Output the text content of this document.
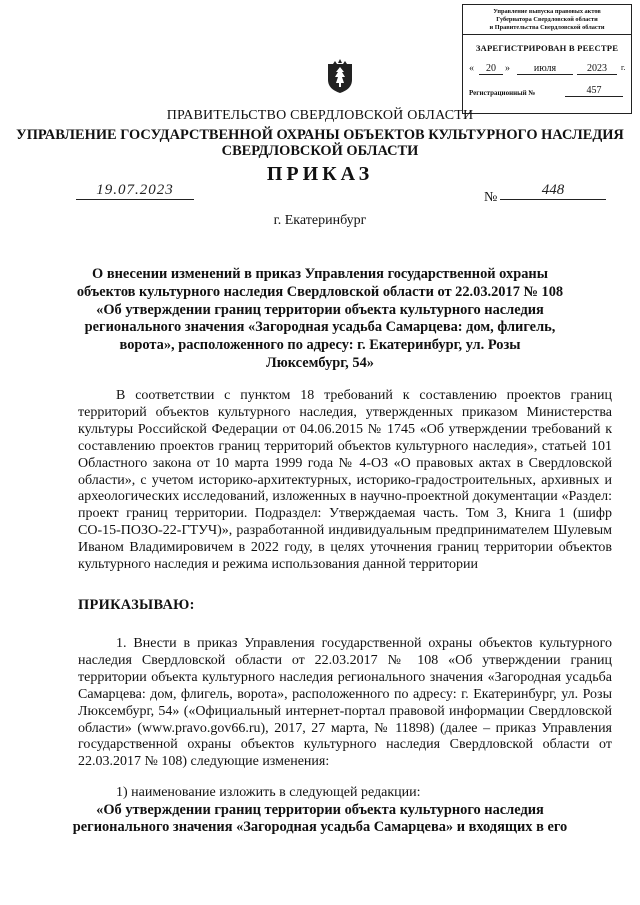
Управление выпуска правовых актов
Губернатора Свердловской области
и Правительства Свердловской области
ЗАРЕГИСТРИРОВАН В РЕЕСТРЕ
«	20 »	июля	2023	г.
Регистрационный №	457
ПРАВИТЕЛЬСТВО СВЕРДЛОВСКОЙ ОБЛАСТИ
УПРАВЛЕНИЕ ГОСУДАРСТВЕННОЙ ОХРАНЫ ОБЪЕКТОВ КУЛЬТУРНОГО НАСЛЕДИЯ
СВЕРДЛОВСКОЙ ОБЛАСТИ
ПРИКАЗ
19.07.2023	№	448
г. Екатеринбург
О внесении изменений в приказ Управления государственной охраны
объектов культурного наследия Свердловской области от 22.03.2017 № 108
«Об утверждении границ территории объекта культурного наследия
регионального значения «Загородная усадьба Самарцева: дом, флигель,
ворота», расположенного по адресу: г. Екатеринбург, ул. Розы
Люксембург, 54»
В соответствии с пунктом 18 требований к составлению проектов границ территорий объектов культурного наследия, утвержденных приказом Министерства культуры Российской Федерации от 04.06.2015 № 1745 «Об утверждении требований к составлению проектов границ территорий объектов культурного наследия», статьей 101 Областного закона от 10 марта 1999 года № 4-ОЗ «О правовых актах в Свердловской области», с учетом историко-архитектурных, историко-градостроительных, архивных и археологических исследований, изложенных в научно-проектной документации «Раздел: проект границ территории. Подраздел: Утверждаемая часть. Том 3, Книга 1 (шифр СО-15-ПОЗО-22-ГТУЧ)», разработанной индивидуальным предпринимателем Шулевым Иваном Владимировичем в 2022 году, в целях уточнения границ территории объектов культурного наследия и режима использования данной территории
ПРИКАЗЫВАЮ:
1. Внести в приказ Управления государственной охраны объектов культурного наследия Свердловской области от 22.03.2017 № 108 «Об утверждении границ территории объекта культурного наследия регионального значения «Загородная усадьба Самарцева: дом, флигель, ворота», расположенного по адресу: г. Екатеринбург, ул. Розы Люксембург, 54» («Официальный интернет-портал правовой информации Свердловской области» (www.pravo.gov66.ru), 2017, 27 марта, № 11898) (далее – приказ Управления государственной охраны объектов культурного наследия Свердловской области от 22.03.2017 № 108) следующие изменения:
1) наименование изложить в следующей редакции:
«Об утверждении границ территории объекта культурного наследия
регионального значения «Загородная усадьба Самарцева» и входящих в его
